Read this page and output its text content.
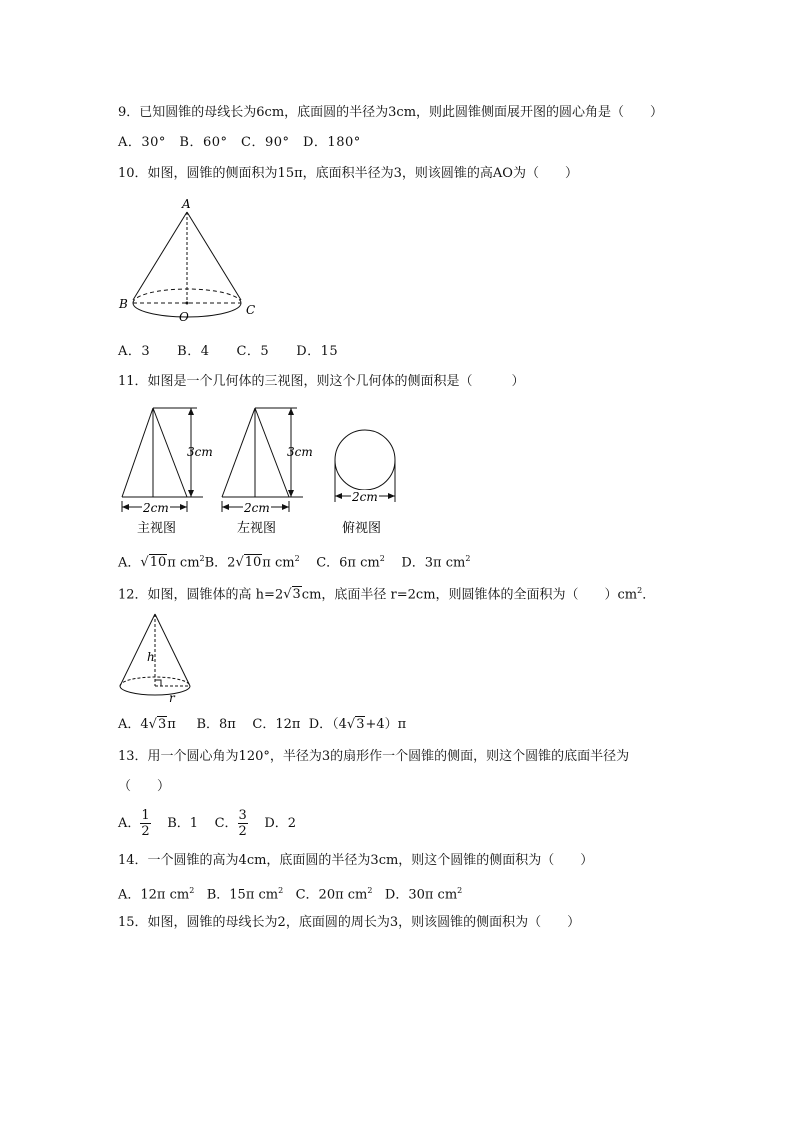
9．已知圆锥的母线长为6cm，底面圆的半径为3cm，则此圆锥侧面展开图的圆心角是（　　）
A．30°　B．60°　C．90°　D．180°
10．如图，圆锥的侧面积为15π，底面积半径为3，则该圆锥的高AO为（　　）
A
B	C
O
A．3　　B．4　　C．5　　D．15
11．如图是一个几何体的三视图，则这个几何体的侧面积是（　　　）
3cm
2cm
主视图
3cm
2cm
左视图
2cm
俯视图
A．√10π $cm^2B$．2√10π $cm^2$ C．6π $cm^2$ D．3π $cm^2$
12．如图，圆锥体的高 h=2√3cm，底面半径 r=2cm，则圆锥体的全面积为（　　）$cm^2$．
h
r
A．4√3π B．8π C．12π D．（4√3+4）π
13．用一个圆心角为120°，半径为3的扇形作一个圆锥的侧面，则这个圆锥的底面半径为
（　　）
A． $\frac{1}{2}$ B．1 C． $\frac{3}{2}$ D．2
14．一个圆锥的高为4cm，底面圆的半径为3cm，则这个圆锥的侧面积为（　　）
A．12π $cm^2$ B．15π $cm^2$ C．20π $cm^2$ D．30π $cm^2$
15．如图，圆锥的母线长为2，底面圆的周长为3，则该圆锥的侧面积为（　　）
